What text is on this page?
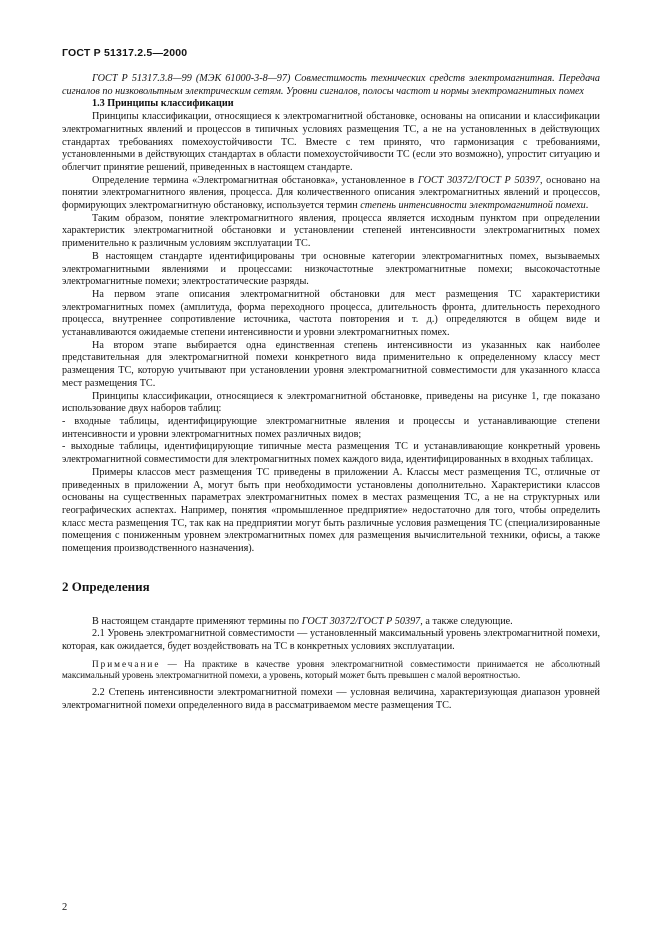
ГОСТ Р 51317.2.5—2000

ГОСТ Р 51317.3.8—99 (МЭК 61000-3-8—97) Совместимость технических средств электромагнитная. Передача сигналов по низковольтным электрическим сетям. Уровни сигналов, полосы частот и нормы электромагнитных помех

1.3 Принципы классификации

Принципы классификации, относящиеся к электромагнитной обстановке, основаны на описании и классификации электромагнитных явлений и процессов в типичных условиях размещения ТС, а не на установленных в действующих стандартах требованиях помехоустойчивости ТС. Вместе с тем принято, что гармонизация с требованиями, установленными в действующих стандартах в области помехоустойчивости ТС (если это возможно), упростит ситуацию и облегчит принятие решений, приведенных в настоящем стандарте.

Определение термина «Электромагнитная обстановка», установленное в ГОСТ 30372/ГОСТ Р 50397, основано на понятии электромагнитного явления, процесса. Для количественного описания электромагнитных явлений и процессов, формирующих электромагнитную обстановку, используется термин степень интенсивности электромагнитной помехи.

Таким образом, понятие электромагнитного явления, процесса является исходным пунктом при определении характеристик электромагнитной обстановки и установлении степеней интенсивности электромагнитных помех применительно к различным условиям эксплуатации ТС.

В настоящем стандарте идентифицированы три основные категории электромагнитных помех, вызываемых электромагнитными явлениями и процессами: низкочастотные электромагнитные помехи; высокочастотные электромагнитные помехи; электростатические разряды.

На первом этапе описания электромагнитной обстановки для мест размещения ТС характеристики электромагнитных помех (амплитуда, форма переходного процесса, длительность фронта, длительность переходного процесса, внутреннее сопротивление источника, частота повторения и т. д.) определяются в общем виде и устанавливаются ожидаемые степени интенсивности и уровни электромагнитных помех.

На втором этапе выбирается одна единственная степень интенсивности из указанных как наиболее представительная для электромагнитной помехи конкретного вида применительно к определенному классу мест размещения ТС, которую учитывают при установлении уровня электромагнитной совместимости для указанного класса мест размещения ТС.

Принципы классификации, относящиеся к электромагнитной обстановке, приведены на рисунке 1, где показано использование двух наборов таблиц:

- входные таблицы, идентифицирующие электромагнитные явления и процессы и устанавливающие степени интенсивности и уровни электромагнитных помех различных видов;

- выходные таблицы, идентифицирующие типичные места размещения ТС и устанавливающие конкретный уровень электромагнитной совместимости для электромагнитных помех каждого вида, идентифицированных в входных таблицах.

Примеры классов мест размещения ТС приведены в приложении А. Классы мест размещения ТС, отличные от приведенных в приложении А, могут быть при необходимости установлены дополнительно. Характеристики классов основаны на существенных параметрах электромагнитных помех в местах размещения ТС, а не на структурных или географических аспектах. Например, понятия «промышленное предприятие» недостаточно для того, чтобы определить класс места размещения ТС, так как на предприятии могут быть различные условия размещения ТС (специализированные помещения с пониженным уровнем электромагнитных помех для размещения вычислительной техники, офисы, а также помещения производственного назначения).

2 Определения

В настоящем стандарте применяют термины по ГОСТ 30372/ГОСТ Р 50397, а также следующие.

2.1 Уровень электромагнитной совместимости — установленный максимальный уровень электромагнитной помехи, которая, как ожидается, будет воздействовать на ТС в конкретных условиях эксплуатации.

Примечание — На практике в качестве уровня электромагнитной совместимости принимается не абсолютный максимальный уровень электромагнитной помехи, а уровень, который может быть превышен с малой вероятностью.

2.2 Степень интенсивности электромагнитной помехи — условная величина, характеризующая диапазон уровней электромагнитной помехи определенного вида в рассматриваемом месте размещения ТС.

2
